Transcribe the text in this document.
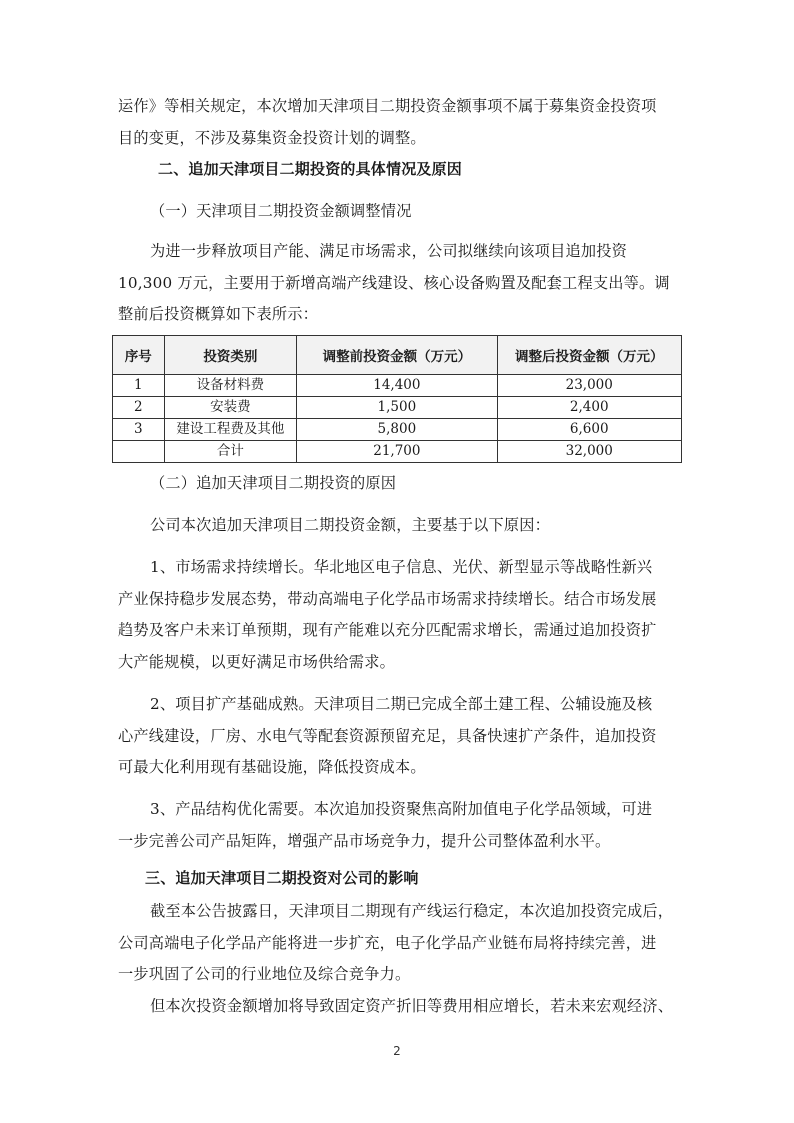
运作》等相关规定，本次增加天津项目二期投资金额事项不属于募集资金投资项
目的变更，不涉及募集资金投资计划的调整。
二、追加天津项目二期投资的具体情况及原因
（一）天津项目二期投资金额调整情况
为进一步释放项目产能、满足市场需求，公司拟继续向该项目追加投资
10,300 万元，主要用于新增高端产线建设、核心设备购置及配套工程支出等。调
整前后投资概算如下表所示：
序号	投资类别	调整前投资金额（万元）	调整后投资金额（万元）
1	设备材料费	14,400	23,000
2	安装费	1,500	2,400
3	建设工程费及其他	5,800	6,600
	合计	21,700	32,000
（二）追加天津项目二期投资的原因
公司本次追加天津项目二期投资金额，主要基于以下原因：
1、市场需求持续增长。华北地区电子信息、光伏、新型显示等战略性新兴
产业保持稳步发展态势，带动高端电子化学品市场需求持续增长。结合市场发展
趋势及客户未来订单预期，现有产能难以充分匹配需求增长，需通过追加投资扩
大产能规模，以更好满足市场供给需求。
2、项目扩产基础成熟。天津项目二期已完成全部土建工程、公辅设施及核
心产线建设，厂房、水电气等配套资源预留充足，具备快速扩产条件，追加投资
可最大化利用现有基础设施，降低投资成本。
3、产品结构优化需要。本次追加投资聚焦高附加值电子化学品领域，可进
一步完善公司产品矩阵，增强产品市场竞争力，提升公司整体盈利水平。
三、追加天津项目二期投资对公司的影响
截至本公告披露日，天津项目二期现有产线运行稳定，本次追加投资完成后，
公司高端电子化学品产能将进一步扩充，电子化学品产业链布局将持续完善，进
一步巩固了公司的行业地位及综合竞争力。
但本次投资金额增加将导致固定资产折旧等费用相应增长，若未来宏观经济、
2
